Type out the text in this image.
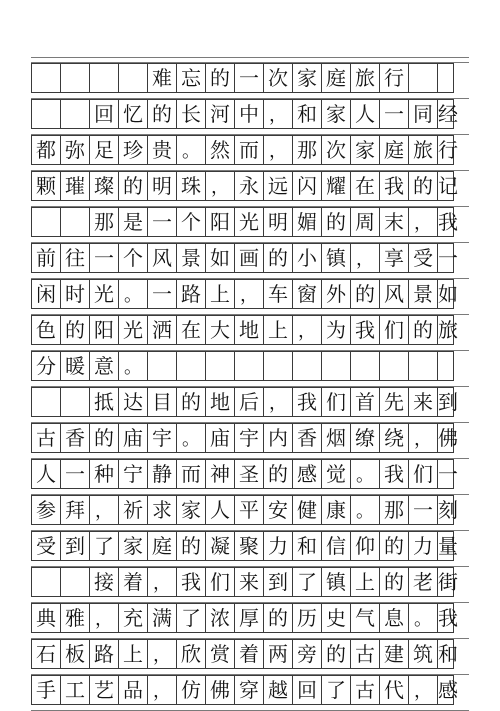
难 忘 的 一 次 家 庭 旅 行
回 忆 的 长 河 中 ， 和 家 人 一 同 经
都 弥 足 珍 贵 。 然 而 ， 那 次 家 庭 旅 行
颗 璀 璨 的 明 珠 ， 永 远 闪 耀 在 我 的 记
那 是 一 个 阳 光 明 媚 的 周 末 ， 我
前 往 一 个 风 景 如 画 的 小 镇 ， 享 受 一
闲 时 光 。 一 路 上 ， 车 窗 外 的 风 景 如
色 的 阳 光 洒 在 大 地 上 ， 为 我 们 的 旅
分 暖 意 。
抵 达 目 的 地 后 ， 我 们 首 先 来 到
古 香 的 庙 宇 。 庙 宇 内 香 烟 缭 绕 ， 佛
人 一 种 宁 静 而 神 圣 的 感 觉 。 我 们 一
参 拜 ， 祈 求 家 人 平 安 健 康 。 那 一 刻
受 到 了 家 庭 的 凝 聚 力 和 信 仰 的 力 量
接 着 ， 我 们 来 到 了 镇 上 的 老 街
典 雅 ， 充 满 了 浓 厚 的 历 史 气 息 。 我
石 板 路 上 ， 欣 赏 着 两 旁 的 古 建 筑 和
手 工 艺 品 ， 仿 佛 穿 越 回 了 古 代 ， 感
